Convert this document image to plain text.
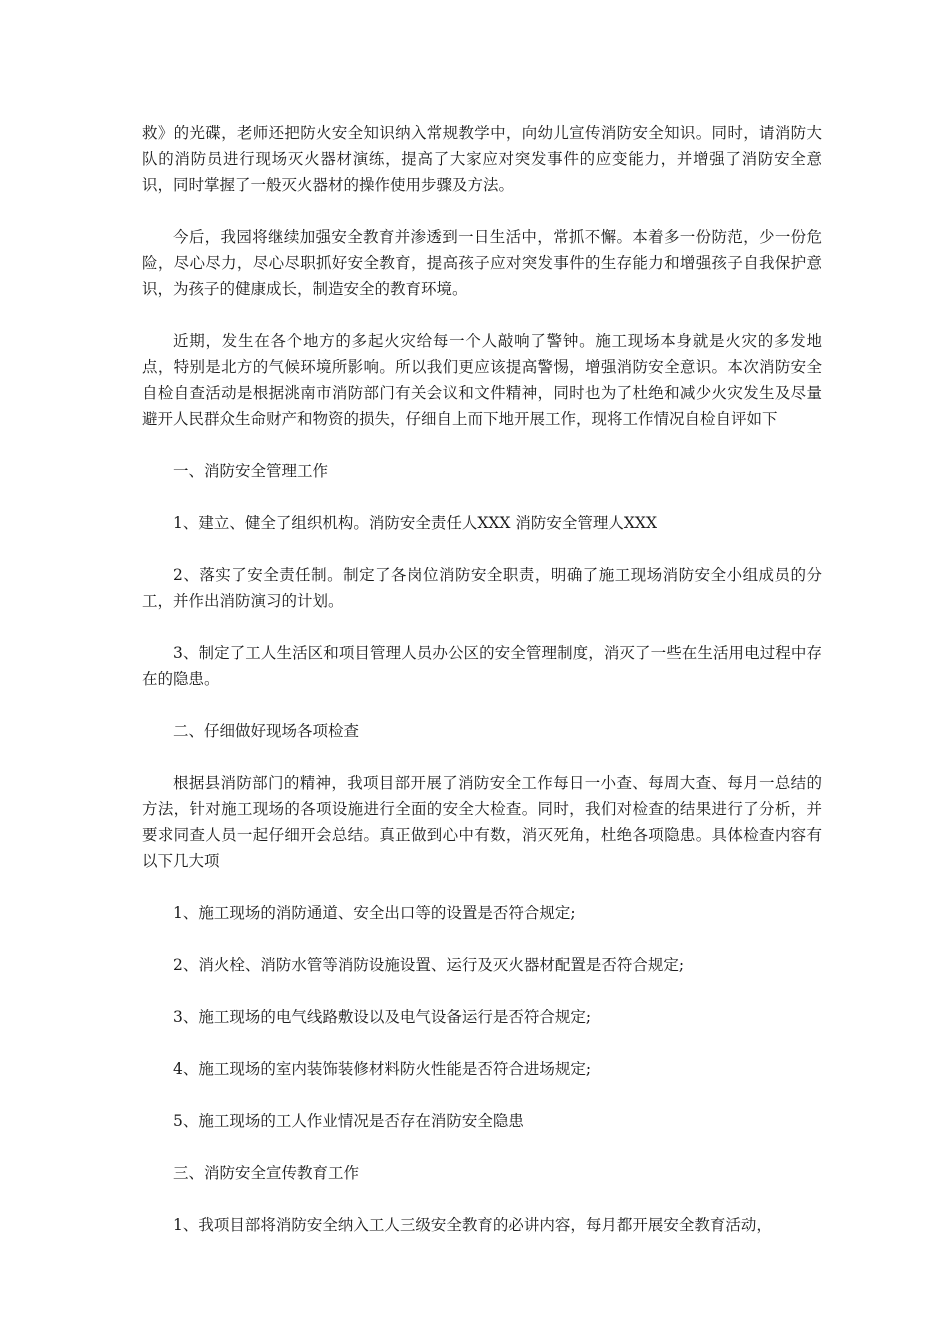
救》的光碟，老师还把防火安全知识纳入常规教学中，向幼儿宣传消防安全知识。同时，请消防大队的消防员进行现场灭火器材演练，提高了大家应对突发事件的应变能力，并增强了消防安全意识，同时掌握了一般灭火器材的操作使用步骤及方法。

今后，我园将继续加强安全教育并渗透到一日生活中，常抓不懈。本着多一份防范，少一份危险，尽心尽力，尽心尽职抓好安全教育，提高孩子应对突发事件的生存能力和增强孩子自我保护意识，为孩子的健康成长，制造安全的教育环境。

近期，发生在各个地方的多起火灾给每一个人敲响了警钟。施工现场本身就是火灾的多发地点，特别是北方的气候环境所影响。所以我们更应该提高警惕，增强消防安全意识。本次消防安全自检自查活动是根据洮南市消防部门有关会议和文件精神，同时也为了杜绝和减少火灾发生及尽量避开人民群众生命财产和物资的损失，仔细自上而下地开展工作，现将工作情况自检自评如下

一、消防安全管理工作

1、建立、健全了组织机构。消防安全责任人XXX 消防安全管理人XXX

2、落实了安全责任制。制定了各岗位消防安全职责，明确了施工现场消防安全小组成员的分工，并作出消防演习的计划。

3、制定了工人生活区和项目管理人员办公区的安全管理制度，消灭了一些在生活用电过程中存在的隐患。

二、仔细做好现场各项检查

根据县消防部门的精神，我项目部开展了消防安全工作每日一小查、每周大查、每月一总结的方法，针对施工现场的各项设施进行全面的安全大检查。同时，我们对检查的结果进行了分析，并要求同查人员一起仔细开会总结。真正做到心中有数，消灭死角，杜绝各项隐患。具体检查内容有以下几大项

1、施工现场的消防通道、安全出口等的设置是否符合规定;

2、消火栓、消防水管等消防设施设置、运行及灭火器材配置是否符合规定;

3、施工现场的电气线路敷设以及电气设备运行是否符合规定;

4、施工现场的室内装饰装修材料防火性能是否符合进场规定;

5、施工现场的工人作业情况是否存在消防安全隐患

三、消防安全宣传教育工作

1、我项目部将消防安全纳入工人三级安全教育的必讲内容，每月都开展安全教育活动，
